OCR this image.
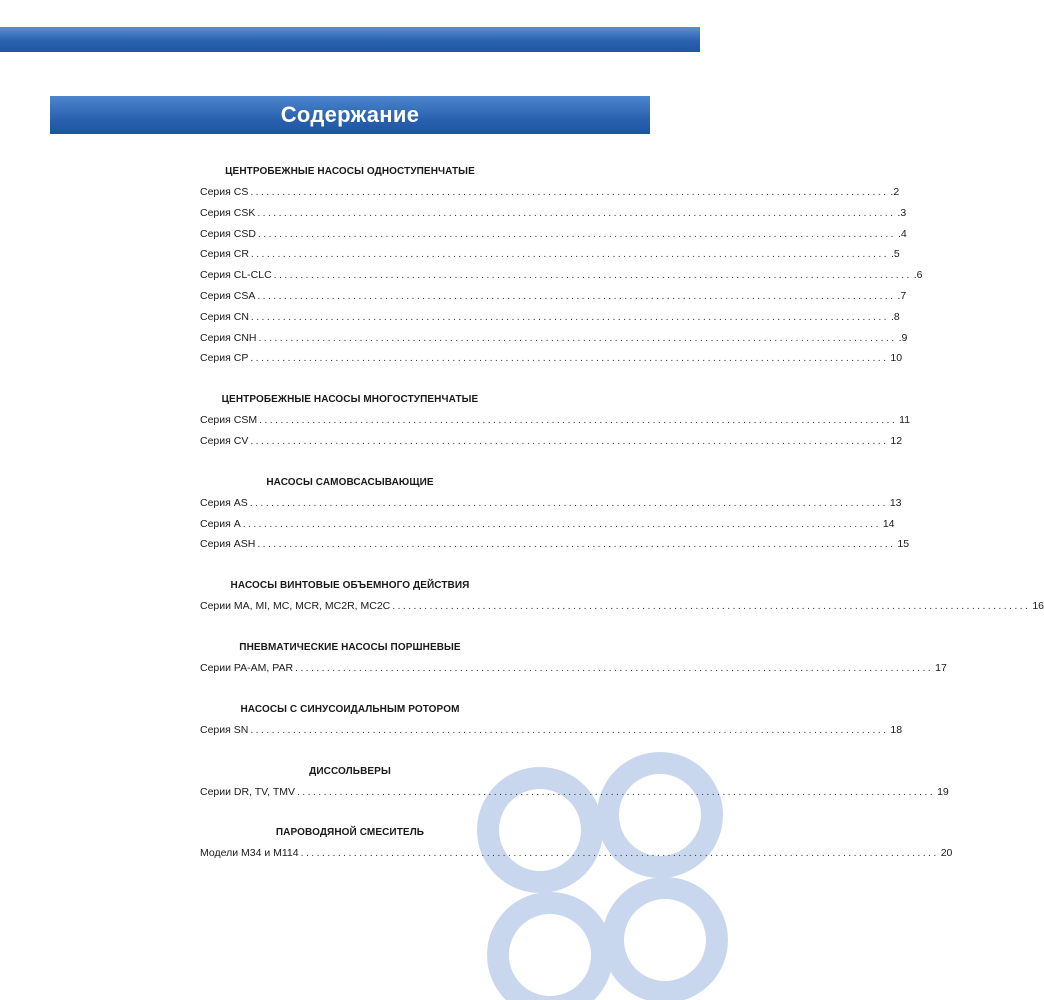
Содержание
ЦЕНТРОБЕЖНЫЕ НАСОСЫ ОДНОСТУПЕНЧАТЫЕ
Серия CS ........................................................................................................................ .2
Серия CSK ........................................................................................................................ .3
Серия CSD ........................................................................................................................ .4
Серия CR ........................................................................................................................ .5
Серия CL-CLC ........................................................................................................................ .6
Серия CSA ........................................................................................................................ .7
Серия CN ........................................................................................................................ .8
Серия CNH ........................................................................................................................ .9
Серия CP ........................................................................................................................ 10
ЦЕНТРОБЕЖНЫЕ НАСОСЫ МНОГОСТУПЕНЧАТЫЕ
Серия CSM ........................................................................................................................ 11
Серия CV ........................................................................................................................ 12
НАСОСЫ САМОВСАСЫВАЮЩИЕ
Серия AS ........................................................................................................................ 13
Серия A ........................................................................................................................ 14
Серия ASH ........................................................................................................................ 15
НАСОСЫ ВИНТОВЫЕ ОБЪЕМНОГО ДЕЙСТВИЯ
Серии MA, MI, MC, MCR, MC2R, MC2C ........................................................................................................................ 16
ПНЕВМАТИЧЕСКИЕ НАСОСЫ ПОРШНЕВЫЕ
Серии PA-AM, PAR ........................................................................................................................ 17
НАСОСЫ С СИНУСОИДАЛЬНЫМ РОТОРОМ
Серия SN ........................................................................................................................ 18
ДИССОЛЬВЕРЫ
Серии DR, TV, TMV ........................................................................................................................ 19
ПАРОВОДЯНОЙ СМЕСИТЕЛЬ
Модели M34 и M114 ........................................................................................................................ 20
